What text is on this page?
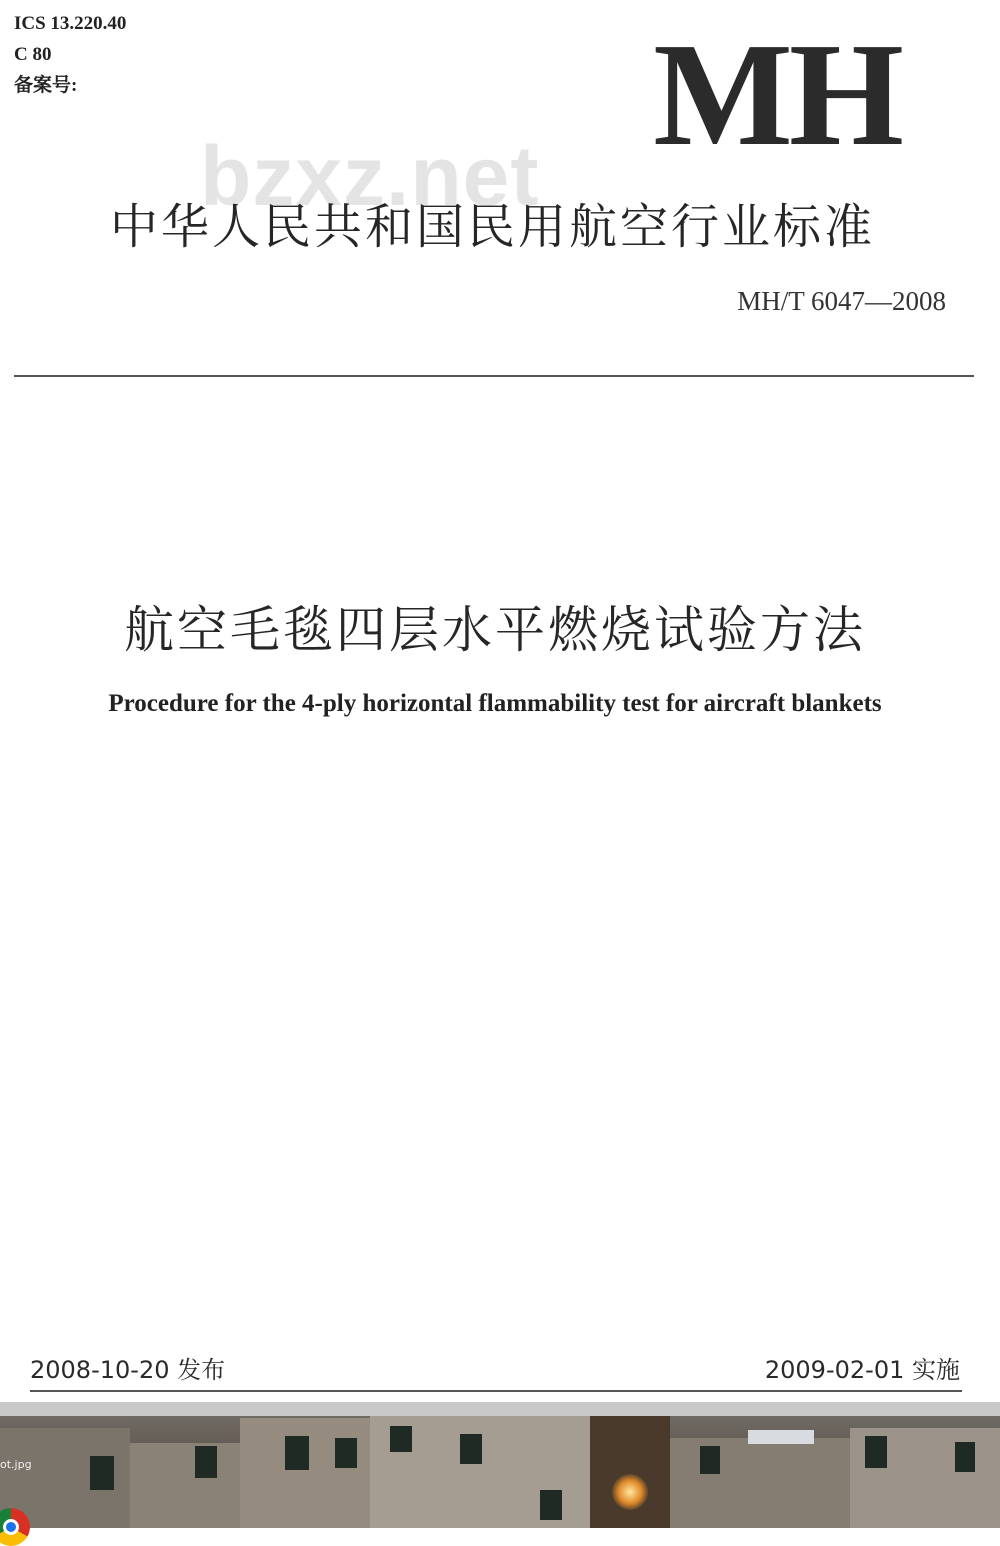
ICS 13.220.40
C 80
备案号:	MH
bzxz.net
中华人民共和国民用航空行业标准
MH/T 6047—2008
航空毛毯四层水平燃烧试验方法
Procedure for the 4-ply horizontal flammability test for aircraft blankets
2008-10-20 发布	2009-02-01 实施
ot.jpg
